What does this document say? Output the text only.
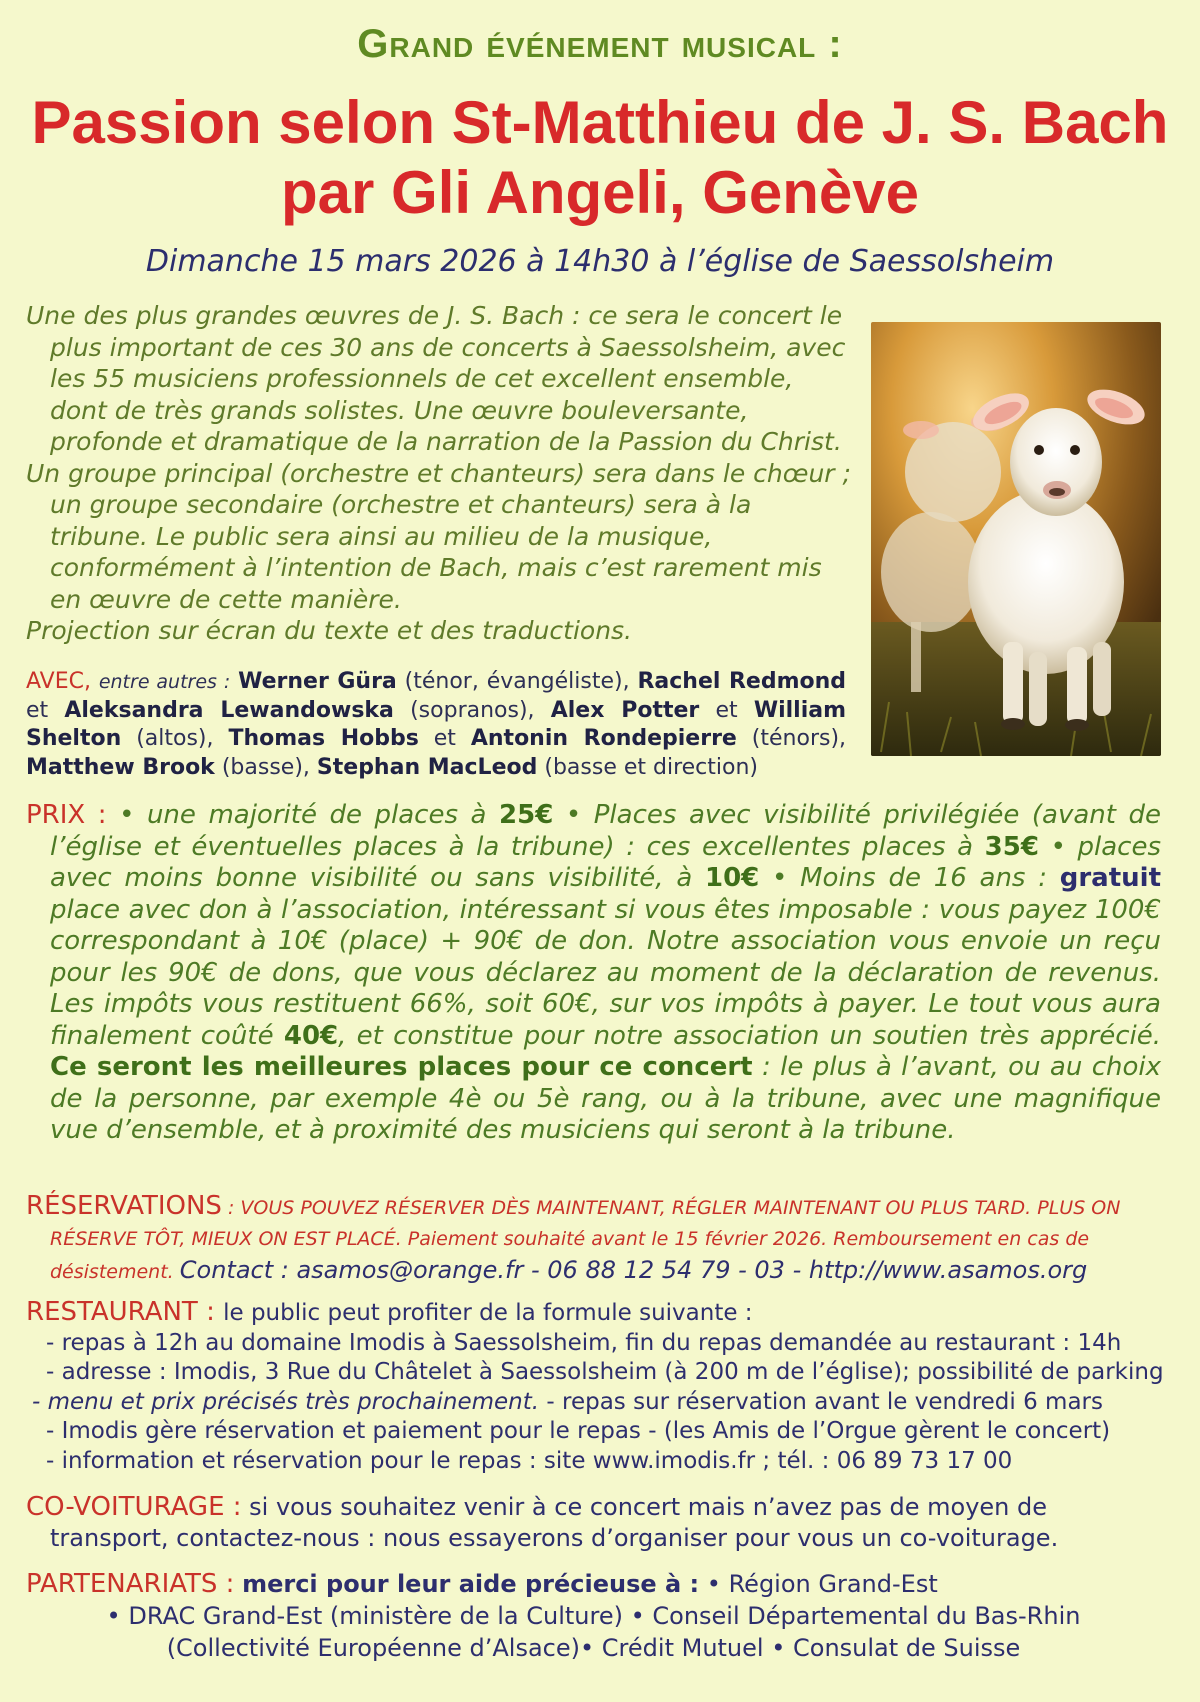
Grand événement musical :
Passion selon St-Matthieu de J. S. Bach
par Gli Angeli, Genève
Dimanche 15 mars 2026 à 14h30 à l’église de Saessolsheim

Une des plus grandes œuvres de J. S. Bach : ce sera le concert le plus important de ces 30 ans de concerts à Saessolsheim, avec les 55 musiciens professionnels de cet excellent ensemble, dont de très grands solistes. Une œuvre bouleversante, profonde et dramatique de la narration de la Passion du Christ.

Un groupe principal (orchestre et chanteurs) sera dans le chœur ; un groupe secondaire (orchestre et chanteurs) sera à la tribune. Le public sera ainsi au milieu de la musique, conformément à l’intention de Bach, mais c’est rarement mis en œuvre de cette manière.

Projection sur écran du texte et des traductions.

AVEC, entre autres : Werner Güra (ténor, évangéliste), Rachel Redmond et Aleksandra Lewandowska (sopranos), Alex Potter et William Shelton (altos), Thomas Hobbs et Antonin Rondepierre (ténors), Matthew Brook (basse), Stephan MacLeod (basse et direction)
PRIX : • une majorité de places à 25€ • Places avec visibilité privilégiée (avant de l’église et éventuelles places à la tribune) : ces excellentes places à 35€ • places avec moins bonne visibilité ou sans visibilité, à 10€ • Moins de 16 ans : gratuit place avec don à l’association, intéressant si vous êtes imposable : vous payez 100€ correspondant à 10€ (place) + 90€ de don. Notre association vous envoie un reçu pour les 90€ de dons, que vous déclarez au moment de la déclaration de revenus. Les impôts vous restituent 66%, soit 60€, sur vos impôts à payer. Le tout vous aura finalement coûté 40€, et constitue pour notre association un soutien très apprécié. Ce seront les meilleures places pour ce concert : le plus à l’avant, ou au choix de la personne, par exemple 4è ou 5è rang, ou à la tribune, avec une magnifique vue d’ensemble, et à proximité des musiciens qui seront à la tribune.
RÉSERVATIONS : VOUS POUVEZ RÉSERVER DÈS MAINTENANT, RÉGLER MAINTENANT OU PLUS TARD. PLUS ON RÉSERVE TÔT, MIEUX ON EST PLACÉ. Paiement souhaité avant le 15 février 2026. Remboursement en cas de désistement. Contact : asamos@orange.fr - 06 88 12 54 79 - 03 - http://www.asamos.org
RESTAURANT : le public peut profiter de la formule suivante :
- repas à 12h au domaine Imodis à Saessolsheim, fin du repas demandée au restaurant : 14h
- adresse : Imodis, 3 Rue du Châtelet à Saessolsheim (à 200 m de l’église); possibilité de parking
- menu et prix précisés très prochainement. - repas sur réservation avant le vendredi 6 mars
- Imodis gère réservation et paiement pour le repas - (les Amis de l’Orgue gèrent le concert)
- information et réservation pour le repas : site www.imodis.fr ; tél. : 06 89 73 17 00
CO-VOITURAGE : si vous souhaitez venir à ce concert mais n’avez pas de moyen de transport, contactez-nous : nous essayerons d’organiser pour vous un co-voiturage.
PARTENARIATS : merci pour leur aide précieuse à : • Région Grand-Est
• DRAC Grand-Est (ministère de la Culture) • Conseil Départemental du Bas-Rhin
(Collectivité Européenne d’Alsace)• Crédit Mutuel • Consulat de Suisse
